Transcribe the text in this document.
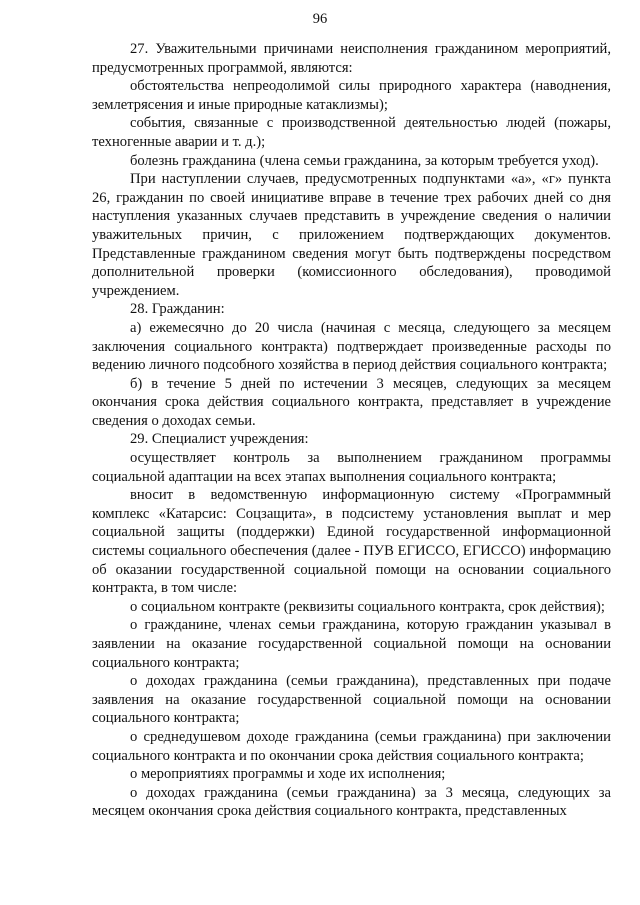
96

27. Уважительными причинами неисполнения гражданином мероприятий, предусмотренных программой, являются:

обстоятельства непреодолимой силы природного характера (наводнения, землетрясения и иные природные катаклизмы);

события, связанные с производственной деятельностью людей (пожары, техногенные аварии и т. д.);

болезнь гражданина (члена семьи гражданина, за которым требуется уход).

При наступлении случаев, предусмотренных подпунктами «а», «г» пункта 26, гражданин по своей инициативе вправе в течение трех рабочих дней со дня наступления указанных случаев представить в учреждение сведения о наличии уважительных причин, с приложением подтверждающих документов. Представленные гражданином сведения могут быть подтверждены посредством дополнительной проверки (комиссионного обследования), проводимой учреждением.

28. Гражданин:

а) ежемесячно до 20 числа (начиная с месяца, следующего за месяцем заключения социального контракта) подтверждает произведенные расходы по ведению личного подсобного хозяйства в период действия социального контракта;

б) в течение 5 дней по истечении 3 месяцев, следующих за месяцем окончания срока действия социального контракта, представляет в учреждение сведения о доходах семьи.

29. Специалист учреждения:

осуществляет контроль за выполнением гражданином программы социальной адаптации на всех этапах выполнения социального контракта;

вносит в ведомственную информационную систему «Программный комплекс «Катарсис: Соцзащита», в подсистему установления выплат и мер социальной защиты (поддержки) Единой государственной информационной системы социального обеспечения (далее - ПУВ ЕГИССО, ЕГИССО) информацию об оказании государственной социальной помощи на основании социального контракта, в том числе:

о социальном контракте (реквизиты социального контракта, срок действия);

о гражданине, членах семьи гражданина, которую гражданин указывал в заявлении на оказание государственной социальной помощи на основании социального контракта;

о доходах гражданина (семьи гражданина), представленных при подаче заявления на оказание государственной социальной помощи на основании социального контракта;

о среднедушевом доходе гражданина (семьи гражданина) при заключении социального контракта и по окончании срока действия социального контракта;

о мероприятиях программы и ходе их исполнения;

о доходах гражданина (семьи гражданина) за 3 месяца, следующих за месяцем окончания срока действия социального контракта, представленных
